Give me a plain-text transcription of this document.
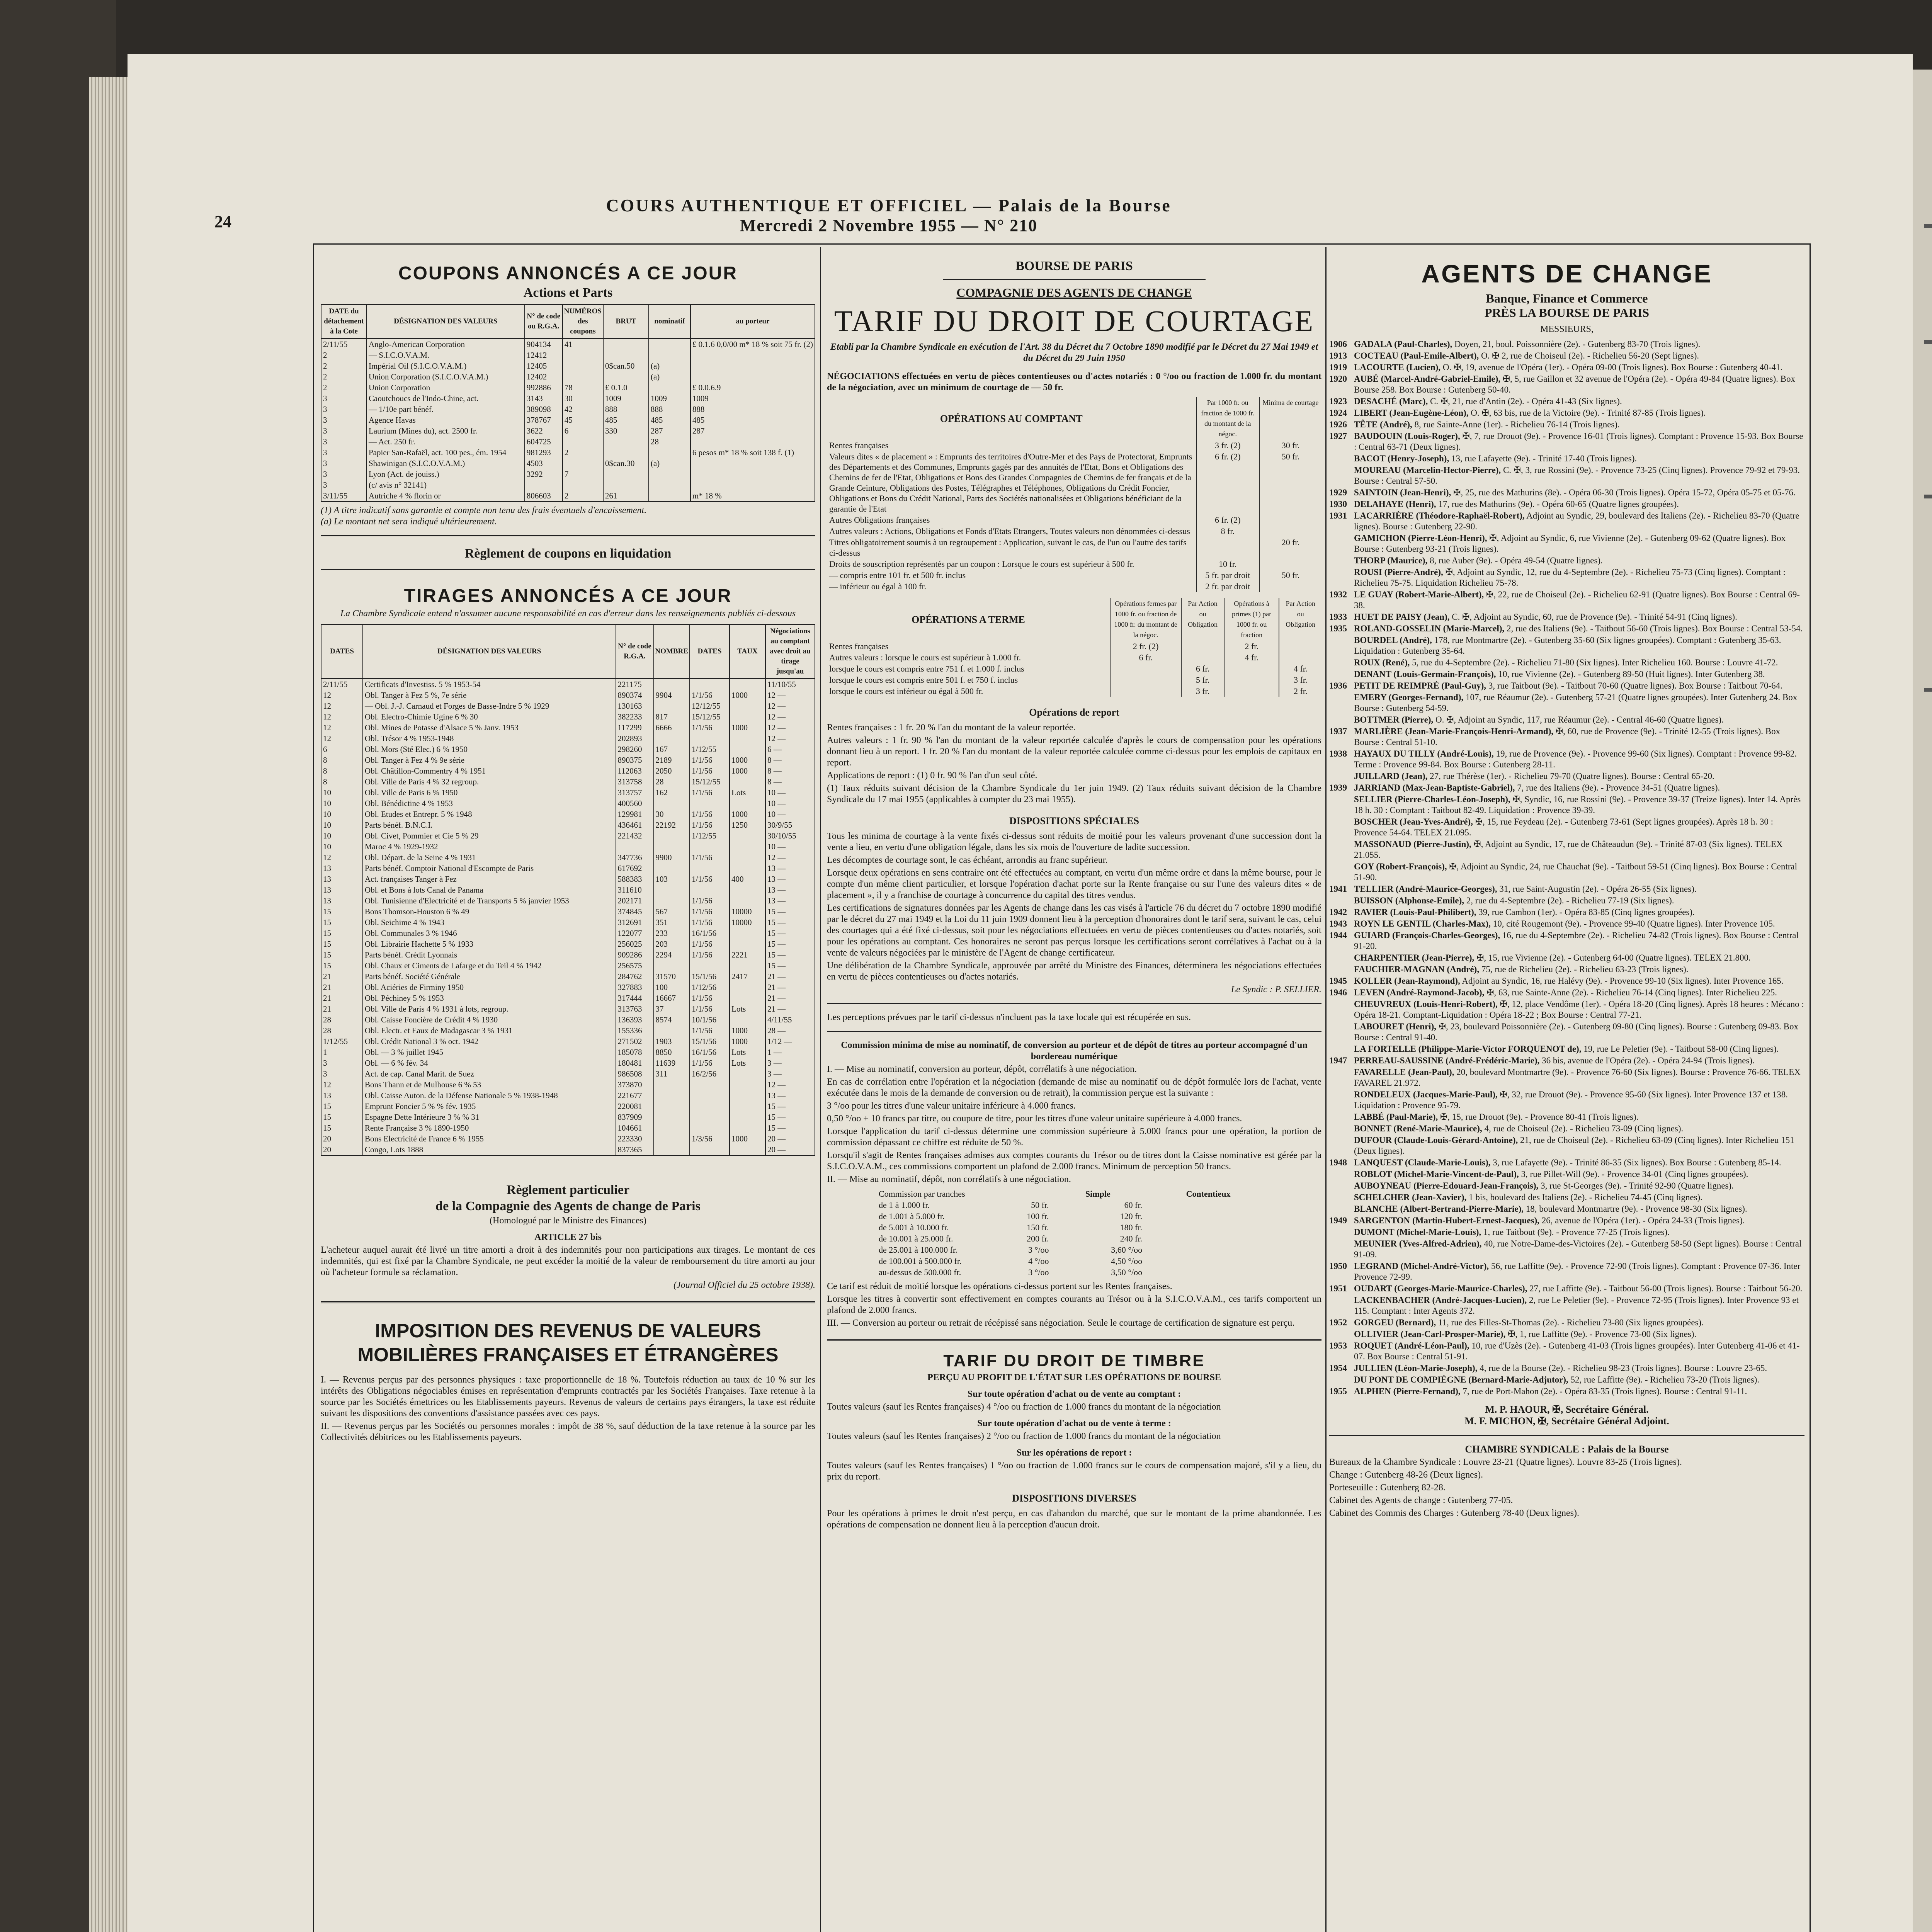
24
COURS AUTHENTIQUE ET OFFICIEL — Palais de la Bourse
Mercredi 2 Novembre 1955 — N° 210
COUPONS ANNONCÉS A CE JOUR
Actions et Parts
DATE du détachement à la Cote	DÉSIGNATION DES VALEURS	N° de code ou R.G.A.	NUMÉROS des coupons	BRUT	nominatif	au porteur
2/11/55	Anglo-American Corporation	904134	41			£ 0.1.6 0,0/00 m* 18 % soit 75 fr. (2)
2	— S.I.C.O.V.A.M.	12412				
2	Impérial Oil (S.I.C.O.V.A.M.)	12405		0$can.50	(a)	
2	Union Corporation (S.I.C.O.V.A.M.)	12402			(a)	
2	Union Corporation	992886	78	£ 0.1.0		£ 0.0.6.9
3	Caoutchoucs de l'Indo-Chine, act.	3143	30	1009	1009	1009
3	— 1/10e part bénéf.	389098	42	888	888	888
3	Agence Havas	378767	45	485	485	485
3	Laurium (Mines du), act. 2500 fr.	3622	6	330	287	287
3	— Act. 250 fr.	604725			28	
3	Papier San-Rafaël, act. 100 pes., ém. 1954	981293	2			6 pesos m* 18 % soit 138 f. (1)
3	Shawinigan (S.I.C.O.V.A.M.)	4503		0$can.30	(a)	
3	Lyon (Act. de jouiss.)	3292	7			
3	(c/ avis n° 32141)					
3/11/55	Autriche 4 % florin or	806603	2	261		m* 18 %
(1) A titre indicatif sans garantie et compte non tenu des frais éventuels d'encaissement.
(a) Le montant net sera indiqué ultérieurement.
Règlement de coupons en liquidation
TIRAGES ANNONCÉS A CE JOUR
La Chambre Syndicale entend n'assumer aucune responsabilité en cas d'erreur dans les renseignements publiés ci-dessous
DATES	DÉSIGNATION DES VALEURS	N° de code R.G.A.	NOMBRE	DATES	TAUX	Négociations au comptant avec droit au tirage jusqu'au
2/11/55	Certificats d'Investiss. 5 % 1953-54	221175				11/10/55
12	Obl. Tanger à Fez 5 %, 7e série	890374	9904	1/1/56	1000	12 —
12	— Obl. J.-J. Carnaud et Forges de Basse-Indre 5 % 1929	130163		12/12/55		12 —
12	Obl. Electro-Chimie Ugine 6 % 30	382233	817	15/12/55		12 —
12	Obl. Mines de Potasse d'Alsace 5 % Janv. 1953	117299	6666	1/1/56	1000	12 —
12	Obl. Trésor 4 % 1953-1948	202893				12 —
6	Obl. Mors (Sté Elec.) 6 % 1950	298260	167	1/12/55		6 —
8	Obl. Tanger à Fez 4 % 9e série	890375	2189	1/1/56	1000	8 —
8	Obl. Châtillon-Commentry 4 % 1951	112063	2050	1/1/56	1000	8 —
8	Obl. Ville de Paris 4 % 32 regroup.	313758	28	15/12/55		8 —
10	Obl. Ville de Paris 6 % 1950	313757	162	1/1/56	Lots	10 —
10	Obl. Bénédictine 4 % 1953	400560				10 —
10	Obl. Etudes et Entrepr. 5 % 1948	129981	30	1/1/56	1000	10 —
10	Parts bénéf. B.N.C.I.	436461	22192	1/1/56	1250	30/9/55
10	Obl. Civet, Pommier et Cie 5 % 29	221432		1/12/55		30/10/55
10	Maroc 4 % 1929-1932					10 —
12	Obl. Départ. de la Seine 4 % 1931	347736	9900	1/1/56		12 —
13	Parts bénéf. Comptoir National d'Escompte de Paris	617692				13 —
13	Act. françaises Tanger à Fez	588383	103	1/1/56	400	13 —
13	Obl. et Bons à lots Canal de Panama	311610				13 —
13	Obl. Tunisienne d'Electricité et de Transports 5 % janvier 1953	202171		1/1/56		13 —
15	Bons Thomson-Houston 6 % 49	374845	567	1/1/56	10000	15 —
15	Obl. Seichime 4 % 1943	312691	351	1/1/56	10000	15 —
15	Obl. Communales 3 % 1946	122077	233	16/1/56		15 —
15	Obl. Librairie Hachette 5 % 1933	256025	203	1/1/56		15 —
15	Parts bénéf. Crédit Lyonnais	909286	2294	1/1/56	2221	15 —
15	Obl. Chaux et Ciments de Lafarge et du Teil 4 % 1942	256575				15 —
21	Parts bénéf. Société Générale	284762	31570	15/1/56	2417	21 —
21	Obl. Aciéries de Firminy 1950	327883	100	1/12/56		21 —
21	Obl. Péchiney 5 % 1953	317444	16667	1/1/56		21 —
21	Obl. Ville de Paris 4 % 1931 à lots, regroup.	313763	37	1/1/56	Lots	21 —
28	Obl. Caisse Foncière de Crédit 4 % 1930	136393	8574	10/1/56		4/11/55
28	Obl. Electr. et Eaux de Madagascar 3 % 1931	155336		1/1/56	1000	28 —
1/12/55	Obl. Crédit National 3 % oct. 1942	271502	1903	15/1/56	1000	1/12 —
1	Obl. — 3 % juillet 1945	185078	8850	16/1/56	Lots	1 —
3	Obl. — 6 % fév. 34	180481	11639	1/1/56	Lots	3 —
3	Act. de cap. Canal Marit. de Suez	986508	311	16/2/56		3 —
12	Bons Thann et de Mulhouse 6 % 53	373870				12 —
13	Obl. Caisse Auton. de la Défense Nationale 5 % 1938-1948	221677				13 —
15	Emprunt Foncier 5 % % fév. 1935	220081				15 —
15	Espagne Dette Intérieure 3 % % 31	837909				15 —
15	Rente Française 3 % 1890-1950	104661				15 —
20	Bons Electricité de France 6 % 1955	223330		1/3/56	1000	20 —
20	Congo, Lots 1888	837365				20 —
Règlement particulier
de la Compagnie des Agents de change de Paris
(Homologué par le Ministre des Finances)
ARTICLE 27 bis

L'acheteur auquel aurait été livré un titre amorti a droit à des indemnités pour non participations aux tirages. Le montant de ces indemnités, qui est fixé par la Chambre Syndicale, ne peut excéder la moitié de la valeur de remboursement du titre amorti au jour où l'acheteur formule sa réclamation.

(Journal Officiel du 25 octobre 1938).
IMPOSITION DES REVENUS DE VALEURS MOBILIÈRES FRANÇAISES ET ÉTRANGÈRES

I. — Revenus perçus par des personnes physiques : taxe proportionnelle de 18 %. Toutefois réduction au taux de 10 % sur les intérêts des Obligations négociables émises en représentation d'emprunts contractés par les Sociétés Françaises. Taxe retenue à la source par les Sociétés émettrices ou les Etablissements payeurs. Revenus de valeurs de certains pays étrangers, la taxe est réduite suivant les dispositions des conventions d'assistance passées avec ces pays.

II. — Revenus perçus par les Sociétés ou personnes morales : impôt de 38 %, sauf déduction de la taxe retenue à la source par les Collectivités débitrices ou les Etablissements payeurs.

BOURSE DE PARIS
COMPAGNIE DES AGENTS DE CHANGE
TARIF DU DROIT DE COURTAGE
Etabli par la Chambre Syndicale en exécution de l'Art. 38 du Décret du 7 Octobre 1890 modifié par le Décret du 27 Mai 1949 et du Décret du 29 Juin 1950

NÉGOCIATIONS effectuées en vertu de pièces contentieuses ou d'actes notariés : 0 °/oo ou fraction de 1.000 fr. du montant de la négociation, avec un minimum de courtage de — 50 fr.

OPÉRATIONS AU COMPTANT	Par 1000 fr. ou fraction de 1000 fr. du montant de la négoc.	Minima de courtage
Rentes françaises	3 fr. (2)	30 fr.
Valeurs dites « de placement » : Emprunts des territoires d'Outre-Mer et des Pays de Protectorat, Emprunts des Départements et des Communes, Emprunts gagés par des annuités de l'Etat, Bons et Obligations des Chemins de fer de l'Etat, Obligations et Bons des Grandes Compagnies de Chemins de fer français et de la Grande Ceinture, Obligations des Postes, Télégraphes et Téléphones, Obligations du Crédit Foncier, Obligations et Bons du Crédit National, Parts des Sociétés nationalisées et Obligations bénéficiant de la garantie de l'Etat	6 fr. (2)	50 fr.
Autres Obligations françaises	6 fr. (2)	
Autres valeurs : Actions, Obligations et Fonds d'Etats Etrangers, Toutes valeurs non dénommées ci-dessus	8 fr.	
Titres obligatoirement soumis à un regroupement : Application, suivant le cas, de l'un ou l'autre des tarifs ci-dessus		20 fr.
Droits de souscription représentés par un coupon : Lorsque le cours est supérieur à 500 fr.	10 fr.	
— compris entre 101 fr. et 500 fr. inclus	5 fr. par droit	50 fr.
— inférieur ou égal à 100 fr.	2 fr. par droit	
OPÉRATIONS A TERME	Opérations fermes par 1000 fr. ou fraction de 1000 fr. du montant de la négoc.	Par Action ou Obligation	Opérations à primes (1) par 1000 fr. ou fraction	Par Action ou Obligation
Rentes françaises	2 fr. (2)		2 fr.	
Autres valeurs : lorsque le cours est supérieur à 1.000 fr.	6 fr.		4 fr.	
lorsque le cours est compris entre 751 f. et 1.000 f. inclus		6 fr.		4 fr.
lorsque le cours est compris entre 501 f. et 750 f. inclus		5 fr.		3 fr.
lorsque le cours est inférieur ou égal à 500 fr.		3 fr.		2 fr.
Opérations de report

Rentes françaises : 1 fr. 20 % l'an du montant de la valeur reportée.

Autres valeurs : 1 fr. 90 % l'an du montant de la valeur reportée calculée d'après le cours de compensation pour les opérations donnant lieu à un report. 1 fr. 20 % l'an du montant de la valeur reportée calculée comme ci-dessus pour les emplois de capitaux en report.

Applications de report : (1) 0 fr. 90 % l'an d'un seul côté.

(1) Taux réduits suivant décision de la Chambre Syndicale du 1er juin 1949. (2) Taux réduits suivant décision de la Chambre Syndicale du 17 mai 1955 (applicables à compter du 23 mai 1955).

DISPOSITIONS SPÉCIALES

Tous les minima de courtage à la vente fixés ci-dessus sont réduits de moitié pour les valeurs provenant d'une succession dont la vente a lieu, en vertu d'une obligation légale, dans les six mois de l'ouverture de ladite succession.

Les décomptes de courtage sont, le cas échéant, arrondis au franc supérieur.

Lorsque deux opérations en sens contraire ont été effectuées au comptant, en vertu d'un même ordre et dans la même bourse, pour le compte d'un même client particulier, et lorsque l'opération d'achat porte sur la Rente française ou sur l'une des valeurs dites « de placement », il y a franchise de courtage à concurrence du capital des titres vendus.

Les certifications de signatures données par les Agents de change dans les cas visés à l'article 76 du décret du 7 octobre 1890 modifié par le décret du 27 mai 1949 et la Loi du 11 juin 1909 donnent lieu à la perception d'honoraires dont le tarif sera, suivant le cas, celui des courtages qui a été fixé ci-dessus, soit pour les négociations effectuées en vertu de pièces contentieuses ou d'actes notariés, soit pour les opérations au comptant. Ces honoraires ne seront pas perçus lorsque les certifications seront corrélatives à l'achat ou à la vente de valeurs négociées par le ministère de l'Agent de change certificateur.

Une délibération de la Chambre Syndicale, approuvée par arrêté du Ministre des Finances, déterminera les négociations effectuées en vertu de pièces contentieuses ou d'actes notariés.

Le Syndic : P. SELLIER.

Les perceptions prévues par le tarif ci-dessus n'incluent pas la taxe locale qui est récupérée en sus.

Commission minima de mise au nominatif, de conversion au porteur et de dépôt de titres au porteur accompagné d'un bordereau numérique

I. — Mise au nominatif, conversion au porteur, dépôt, corrélatifs à une négociation.

En cas de corrélation entre l'opération et la négociation (demande de mise au nominatif ou de dépôt formulée lors de l'achat, vente exécutée dans le mois de la demande de conversion ou de retrait), la commission perçue est la suivante :

3 °/oo pour les titres d'une valeur unitaire inférieure à 4.000 francs.

0,50 °/oo + 10 francs par titre, ou coupure de titre, pour les titres d'une valeur unitaire supérieure à 4.000 francs.

Lorsque l'application du tarif ci-dessus détermine une commission supérieure à 5.000 francs pour une opération, la portion de commission dépassant ce chiffre est réduite de 50 %.

Lorsqu'il s'agit de Rentes françaises admises aux comptes courants du Trésor ou de titres dont la Caisse nominative est gérée par la S.I.C.O.V.A.M., ces commissions comportent un plafond de 2.000 francs. Minimum de perception 50 francs.

II. — Mise au nominatif, dépôt, non corrélatifs à une négociation.

Commission par tranches		Simple	Contentieux
de 1 à 1.000 fr.	50 fr.	60 fr.	
de 1.001 à 5.000 fr.	100 fr.	120 fr.	
de 5.001 à 10.000 fr.	150 fr.	180 fr.	
de 10.001 à 25.000 fr.	200 fr.	240 fr.	
de 25.001 à 100.000 fr.	3 °/oo	3,60 °/oo	
de 100.001 à 500.000 fr.	4 °/oo	4,50 °/oo	
au-dessus de 500.000 fr.	3 °/oo	3,50 °/oo	

Ce tarif est réduit de moitié lorsque les opérations ci-dessus portent sur les Rentes françaises.

Lorsque les titres à convertir sont effectivement en comptes courants au Trésor ou à la S.I.C.O.V.A.M., ces tarifs comportent un plafond de 2.000 francs.

III. — Conversion au porteur ou retrait de récépissé sans négociation. Seule le courtage de certification de signature est perçu.

TARIF DU DROIT DE TIMBRE
PERÇU AU PROFIT DE L'ÉTAT SUR LES OPÉRATIONS DE BOURSE
Sur toute opération d'achat ou de vente au comptant :

Toutes valeurs (sauf les Rentes françaises) 4 °/oo ou fraction de 1.000 francs du montant de la négociation

Sur toute opération d'achat ou de vente à terme :

Toutes valeurs (sauf les Rentes françaises) 2 °/oo ou fraction de 1.000 francs du montant de la négociation

Sur les opérations de report :

Toutes valeurs (sauf les Rentes françaises) 1 °/oo ou fraction de 1.000 francs sur le cours de compensation majoré, s'il y a lieu, du prix du report.

DISPOSITIONS DIVERSES

Pour les opérations à primes le droit n'est perçu, en cas d'abandon du marché, que sur le montant de la prime abandonnée. Les opérations de compensation ne donnent lieu à la perception d'aucun droit.

AGENTS DE CHANGE
Banque, Finance et Commerce
PRÈS LA BOURSE DE PARIS
MESSIEURS,
1906 GADALA (Paul-Charles), Doyen, 21, boul. Poissonnière (2e). - Gutenberg 83-70 (Trois lignes).
1913 COCTEAU (Paul-Emile-Albert), O. ✠ 2, rue de Choiseul (2e). - Richelieu 56-20 (Sept lignes).
1919 LACOURTE (Lucien), O. ✠, 19, avenue de l'Opéra (1er). - Opéra 09-00 (Trois lignes). Box Bourse : Gutenberg 40-41.
1920 AUBÉ (Marcel-André-Gabriel-Emile), ✠, 5, rue Gaillon et 32 avenue de l'Opéra (2e). - Opéra 49-84 (Quatre lignes). Box Bourse 258. Box Bourse : Gutenberg 50-40.
1923 DESACHÉ (Marc), C. ✠, 21, rue d'Antin (2e). - Opéra 41-43 (Six lignes).
1924 LIBERT (Jean-Eugène-Léon), O. ✠, 63 bis, rue de la Victoire (9e). - Trinité 87-85 (Trois lignes).
1926 TÊTE (André), 8, rue Sainte-Anne (1er). - Richelieu 76-14 (Trois lignes).
1927 BAUDOUIN (Louis-Roger), ✠, 7, rue Drouot (9e). - Provence 16-01 (Trois lignes). Comptant : Provence 15-93. Box Bourse : Central 63-71 (Deux lignes).
BACOT (Henry-Joseph), 13, rue Lafayette (9e). - Trinité 17-40 (Trois lignes).
MOUREAU (Marcelin-Hector-Pierre), C. ✠, 3, rue Rossini (9e). - Provence 73-25 (Cinq lignes). Provence 79-92 et 79-93. Bourse : Central 57-50.
1929 SAINTOIN (Jean-Henri), ✠, 25, rue des Mathurins (8e). - Opéra 06-30 (Trois lignes). Opéra 15-72, Opéra 05-75 et 05-76.
1930 DELAHAYE (Henri), 17, rue des Mathurins (9e). - Opéra 60-65 (Quatre lignes groupées).
1931 LACARRIÈRE (Théodore-Raphaël-Robert), Adjoint au Syndic, 29, boulevard des Italiens (2e). - Richelieu 83-70 (Quatre lignes). Bourse : Gutenberg 22-90.
GAMICHON (Pierre-Léon-Henri), ✠, Adjoint au Syndic, 6, rue Vivienne (2e). - Gutenberg 09-62 (Quatre lignes). Box Bourse : Gutenberg 93-21 (Trois lignes).
THORP (Maurice), 8, rue Auber (9e). - Opéra 49-54 (Quatre lignes).
ROUSI (Pierre-André), ✠, Adjoint au Syndic, 12, rue du 4-Septembre (2e). - Richelieu 75-73 (Cinq lignes). Comptant : Richelieu 75-75. Liquidation Richelieu 75-78.
1932 LE GUAY (Robert-Marie-Albert), ✠, 22, rue de Choiseul (2e). - Richelieu 62-91 (Quatre lignes). Box Bourse : Central 69-38.
1933 HUET DE PAISY (Jean), C. ✠, Adjoint au Syndic, 60, rue de Provence (9e). - Trinité 54-91 (Cinq lignes).
1935 ROLAND-GOSSELIN (Marie-Marcel), 2, rue des Italiens (9e). - Taitbout 56-60 (Trois lignes). Box Bourse : Central 53-54.
BOURDEL (André), 178, rue Montmartre (2e). - Gutenberg 35-60 (Six lignes groupées). Comptant : Gutenberg 35-63. Liquidation : Gutenberg 35-64.
ROUX (René), 5, rue du 4-Septembre (2e). - Richelieu 71-80 (Six lignes). Inter Richelieu 160. Bourse : Louvre 41-72.
DENANT (Louis-Germain-François), 10, rue Vivienne (2e). - Gutenberg 89-50 (Huit lignes). Inter Gutenberg 38.
1936 PETIT DE REIMPRÉ (Paul-Guy), 3, rue Taitbout (9e). - Taitbout 70-60 (Quatre lignes). Box Bourse : Taitbout 70-64.
EMERY (Georges-Fernand), 107, rue Réaumur (2e). - Gutenberg 57-21 (Quatre lignes groupées). Inter Gutenberg 24. Box Bourse : Gutenberg 54-59.
BOTTMER (Pierre), O. ✠, Adjoint au Syndic, 117, rue Réaumur (2e). - Central 46-60 (Quatre lignes).
1937 MARLIÈRE (Jean-Marie-François-Henri-Armand), ✠, 60, rue de Provence (9e). - Trinité 12-55 (Trois lignes). Box Bourse : Central 51-10.
1938 HAYAUX DU TILLY (André-Louis), 19, rue de Provence (9e). - Provence 99-60 (Six lignes). Comptant : Provence 99-82. Terme : Provence 99-84. Box Bourse : Gutenberg 28-11.
JUILLARD (Jean), 27, rue Thérèse (1er). - Richelieu 79-70 (Quatre lignes). Bourse : Central 65-20.
1939 JARRIAND (Max-Jean-Baptiste-Gabriel), 7, rue des Italiens (9e). - Provence 34-51 (Quatre lignes).
SELLIER (Pierre-Charles-Léon-Joseph), ✠, Syndic, 16, rue Rossini (9e). - Provence 39-37 (Treize lignes). Inter 14. Après 18 h. 30 : Comptant : Taitbout 82-49. Liquidation : Provence 39-39.
BOSCHER (Jean-Yves-André), ✠, 15, rue Feydeau (2e). - Gutenberg 73-61 (Sept lignes groupées). Après 18 h. 30 : Provence 54-64. TELEX 21.095.
MASSONAUD (Pierre-Justin), ✠, Adjoint au Syndic, 17, rue de Châteaudun (9e). - Trinité 87-03 (Six lignes). TELEX 21.055.
GOY (Robert-François), ✠, Adjoint au Syndic, 24, rue Chauchat (9e). - Taitbout 59-51 (Cinq lignes). Box Bourse : Central 51-90.
1941 TELLIER (André-Maurice-Georges), 31, rue Saint-Augustin (2e). - Opéra 26-55 (Six lignes).
BUISSON (Alphonse-Emile), 2, rue du 4-Septembre (2e). - Richelieu 77-19 (Six lignes).
1942 RAVIER (Louis-Paul-Philibert), 39, rue Cambon (1er). - Opéra 83-85 (Cinq lignes groupées).
1943 ROYN LE GENTIL (Charles-Max), 10, cité Rougemont (9e). - Provence 99-40 (Quatre lignes). Inter Provence 105.
1944 GUIARD (François-Charles-Georges), 16, rue du 4-Septembre (2e). - Richelieu 74-82 (Trois lignes). Box Bourse : Central 91-20.
CHARPENTIER (Jean-Pierre), ✠, 15, rue Vivienne (2e). - Gutenberg 64-00 (Quatre lignes). TELEX 21.800.
FAUCHIER-MAGNAN (André), 75, rue de Richelieu (2e). - Richelieu 63-23 (Trois lignes).
1945 KOLLER (Jean-Raymond), Adjoint au Syndic, 16, rue Halévy (9e). - Provence 99-10 (Six lignes). Inter Provence 165.
1946 LEVEN (André-Raymond-Jacob), ✠, 63, rue Sainte-Anne (2e). - Richelieu 76-14 (Cinq lignes). Inter Richelieu 225.
CHEUVREUX (Louis-Henri-Robert), ✠, 12, place Vendôme (1er). - Opéra 18-20 (Cinq lignes). Après 18 heures : Mécano : Opéra 18-21. Comptant-Liquidation : Opéra 18-22 ; Box Bourse : Central 77-21.
LABOURET (Henri), ✠, 23, boulevard Poissonnière (2e). - Gutenberg 09-80 (Cinq lignes). Bourse : Gutenberg 09-83. Box Bourse : Central 91-40.
LA FORTELLE (Philippe-Marie-Victor FORQUENOT de), 19, rue Le Peletier (9e). - Taitbout 58-00 (Cinq lignes).
1947 PERREAU-SAUSSINE (André-Frédéric-Marie), 36 bis, avenue de l'Opéra (2e). - Opéra 24-94 (Trois lignes).
FAVARELLE (Jean-Paul), 20, boulevard Montmartre (9e). - Provence 76-60 (Six lignes). Bourse : Provence 76-66. TELEX FAVAREL 21.972.
RONDELEUX (Jacques-Marie-Paul), ✠, 32, rue Drouot (9e). - Provence 95-60 (Six lignes). Inter Provence 137 et 138. Liquidation : Provence 95-79.
LABBÉ (Paul-Marie), ✠, 15, rue Drouot (9e). - Provence 80-41 (Trois lignes).
BONNET (René-Marie-Maurice), 4, rue de Choiseul (2e). - Richelieu 73-09 (Cinq lignes).
DUFOUR (Claude-Louis-Gérard-Antoine), 21, rue de Choiseul (2e). - Richelieu 63-09 (Cinq lignes). Inter Richelieu 151 (Deux lignes).
1948 LANQUEST (Claude-Marie-Louis), 3, rue Lafayette (9e). - Trinité 86-35 (Six lignes). Box Bourse : Gutenberg 85-14.
ROBLOT (Michel-Marie-Vincent-de-Paul), 3, rue Pillet-Will (9e). - Provence 34-01 (Cinq lignes groupées).
AUBOYNEAU (Pierre-Edouard-Jean-François), 3, rue St-Georges (9e). - Trinité 92-90 (Quatre lignes).
SCHELCHER (Jean-Xavier), 1 bis, boulevard des Italiens (2e). - Richelieu 74-45 (Cinq lignes).
BLANCHE (Albert-Bertrand-Pierre-Marie), 18, boulevard Montmartre (9e). - Provence 98-30 (Six lignes).
1949 SARGENTON (Martin-Hubert-Ernest-Jacques), 26, avenue de l'Opéra (1er). - Opéra 24-33 (Trois lignes).
DUMONT (Michel-Marie-Louis), 1, rue Taitbout (9e). - Provence 77-25 (Trois lignes).
MEUNIER (Yves-Alfred-Adrien), 40, rue Notre-Dame-des-Victoires (2e). - Gutenberg 58-50 (Sept lignes). Bourse : Central 91-09.
1950 LEGRAND (Michel-André-Victor), 56, rue Laffitte (9e). - Provence 72-90 (Trois lignes). Comptant : Provence 07-36. Inter Provence 72-99.
1951 OUDART (Georges-Marie-Maurice-Charles), 27, rue Laffitte (9e). - Taitbout 56-00 (Trois lignes). Bourse : Taitbout 56-20.
LACKENBACHER (André-Jacques-Lucien), 2, rue Le Peletier (9e). - Provence 72-95 (Trois lignes). Inter Provence 93 et 115. Comptant : Inter Agents 372.
1952 GORGEU (Bernard), 11, rue des Filles-St-Thomas (2e). - Richelieu 73-80 (Six lignes groupées).
OLLIVIER (Jean-Carl-Prosper-Marie), ✠, 1, rue Laffitte (9e). - Provence 73-00 (Six lignes).
1953 ROQUET (André-Léon-Paul), 10, rue d'Uzès (2e). - Gutenberg 41-03 (Trois lignes groupées). Inter Gutenberg 41-06 et 41-07. Box Bourse : Central 51-91.
1954 JULLIEN (Léon-Marie-Joseph), 4, rue de la Bourse (2e). - Richelieu 98-23 (Trois lignes). Bourse : Louvre 23-65.
DU PONT DE COMPIÈGNE (Bernard-Marie-Adjutor), 52, rue Laffitte (9e). - Richelieu 73-20 (Trois lignes).
1955 ALPHEN (Pierre-Fernand), 7, rue de Port-Mahon (2e). - Opéra 83-35 (Trois lignes). Bourse : Central 91-11.
M. P. HAOUR, ✠, Secrétaire Général.
M. F. MICHON, ✠, Secrétaire Général Adjoint.
CHAMBRE SYNDICALE : Palais de la Bourse

Bureaux de la Chambre Syndicale : Louvre 23-21 (Quatre lignes). Louvre 83-25 (Trois lignes).

Change : Gutenberg 48-26 (Deux lignes).

Porteseuille : Gutenberg 82-28.

Cabinet des Agents de change : Gutenberg 77-05.

Cabinet des Commis des Charges : Gutenberg 78-40 (Deux lignes).
